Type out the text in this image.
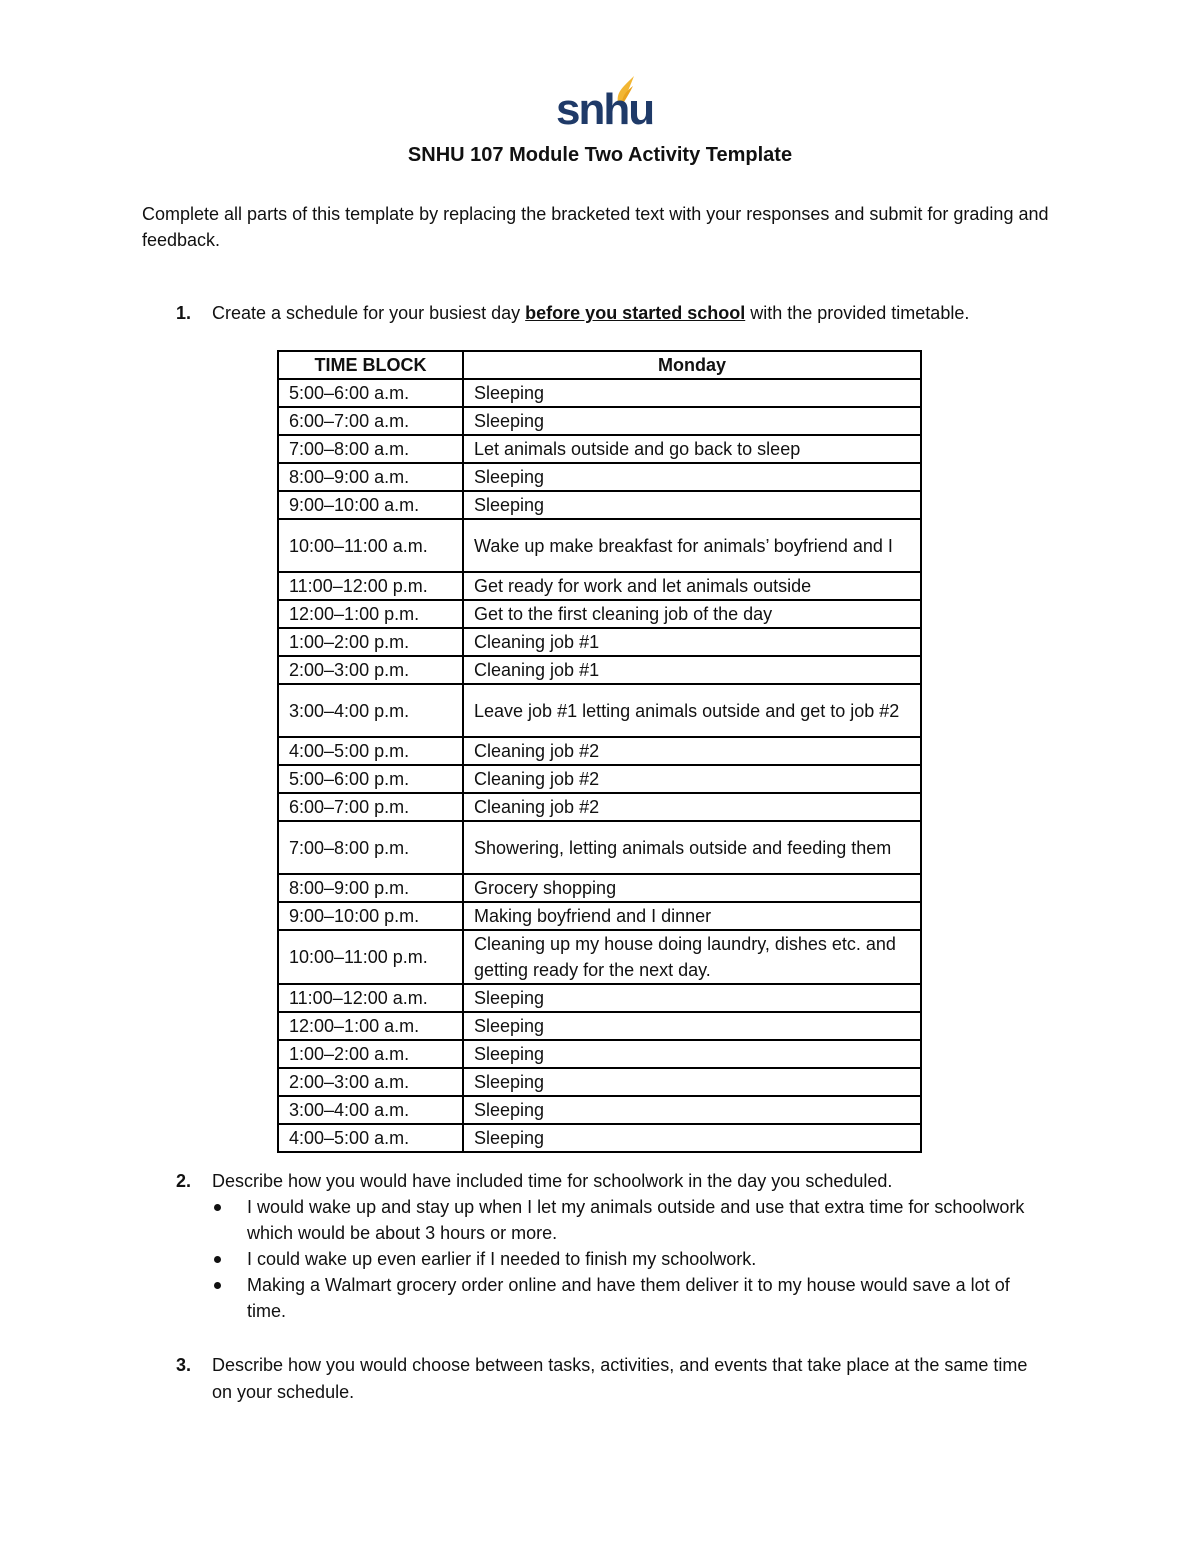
snhu
SNHU 107 Module Two Activity Template
Complete all parts of this template by replacing the bracketed text with your responses and submit for grading and feedback.
1. Create a schedule for your busiest day before you started school with the provided timetable.
TIME BLOCK	Monday
5:00–6:00 a.m.	Sleeping
6:00–7:00 a.m.	Sleeping
7:00–8:00 a.m.	Let animals outside and go back to sleep
8:00–9:00 a.m.	Sleeping
9:00–10:00 a.m.	Sleeping
10:00–11:00 a.m.	Wake up make breakfast for animals’ boyfriend and I
11:00–12:00 p.m.	Get ready for work and let animals outside
12:00–1:00 p.m.	Get to the first cleaning job of the day
1:00–2:00 p.m.	Cleaning job #1
2:00–3:00 p.m.	Cleaning job #1
3:00–4:00 p.m.	Leave job #1 letting animals outside and get to job #2
4:00–5:00 p.m.	Cleaning job #2
5:00–6:00 p.m.	Cleaning job #2
6:00–7:00 p.m.	Cleaning job #2
7:00–8:00 p.m.	Showering, letting animals outside and feeding them
8:00–9:00 p.m.	Grocery shopping
9:00–10:00 p.m.	Making boyfriend and I dinner
10:00–11:00 p.m.	Cleaning up my house doing laundry, dishes etc. and getting ready for the next day.
11:00–12:00 a.m.	Sleeping
12:00–1:00 a.m.	Sleeping
1:00–2:00 a.m.	Sleeping
2:00–3:00 a.m.	Sleeping
3:00–4:00 a.m.	Sleeping
4:00–5:00 a.m.	Sleeping
2. Describe how you would have included time for schoolwork in the day you scheduled.
I would wake up and stay up when I let my animals outside and use that extra time for schoolwork which would be about 3 hours or more.
I could wake up even earlier if I needed to finish my schoolwork.
Making a Walmart grocery order online and have them deliver it to my house would save a lot of time.
3. Describe how you would choose between tasks, activities, and events that take place at the same time on your schedule.
